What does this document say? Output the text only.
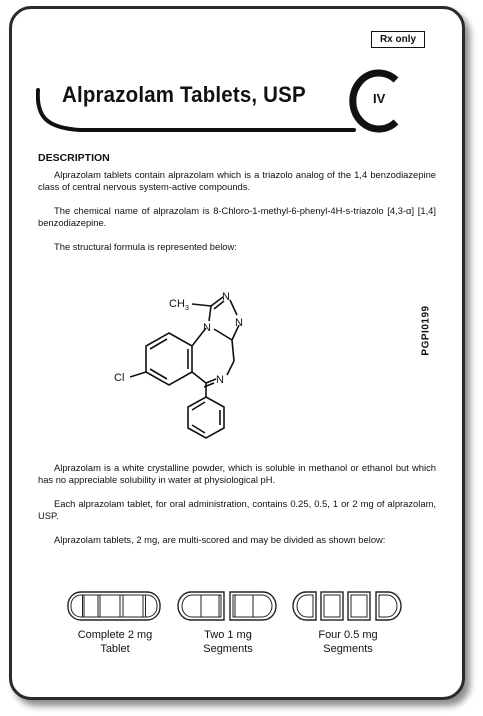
Rx only
Alprazolam Tablets, USP	IV
DESCRIPTION

Alprazolam tablets contain alprazolam which is a triazolo analog of the 1,4 benzodiazepine class of central nervous system-active compounds.

The chemical name of alprazolam is 8-Chloro-1-methyl-6-phenyl-4H-s-triazolo [4,3-α] [1,4] benzodiazepine.

The structural formula is represented below:

N
N
N
N
CH 3
Cl
PGPI0199

Alprazolam is a white crystalline powder, which is soluble in methanol or ethanol but which has no appreciable solubility in water at physiological pH.

Each alprazolam tablet, for oral administration, contains 0.25, 0.5, 1 or 2 mg of alprazolam, USP.

Alprazolam tablets, 2 mg, are multi-scored and may be divided as shown below:

Complete 2 mg
Tablet
Two 1 mg
Segments
Four 0.5 mg
Segments
